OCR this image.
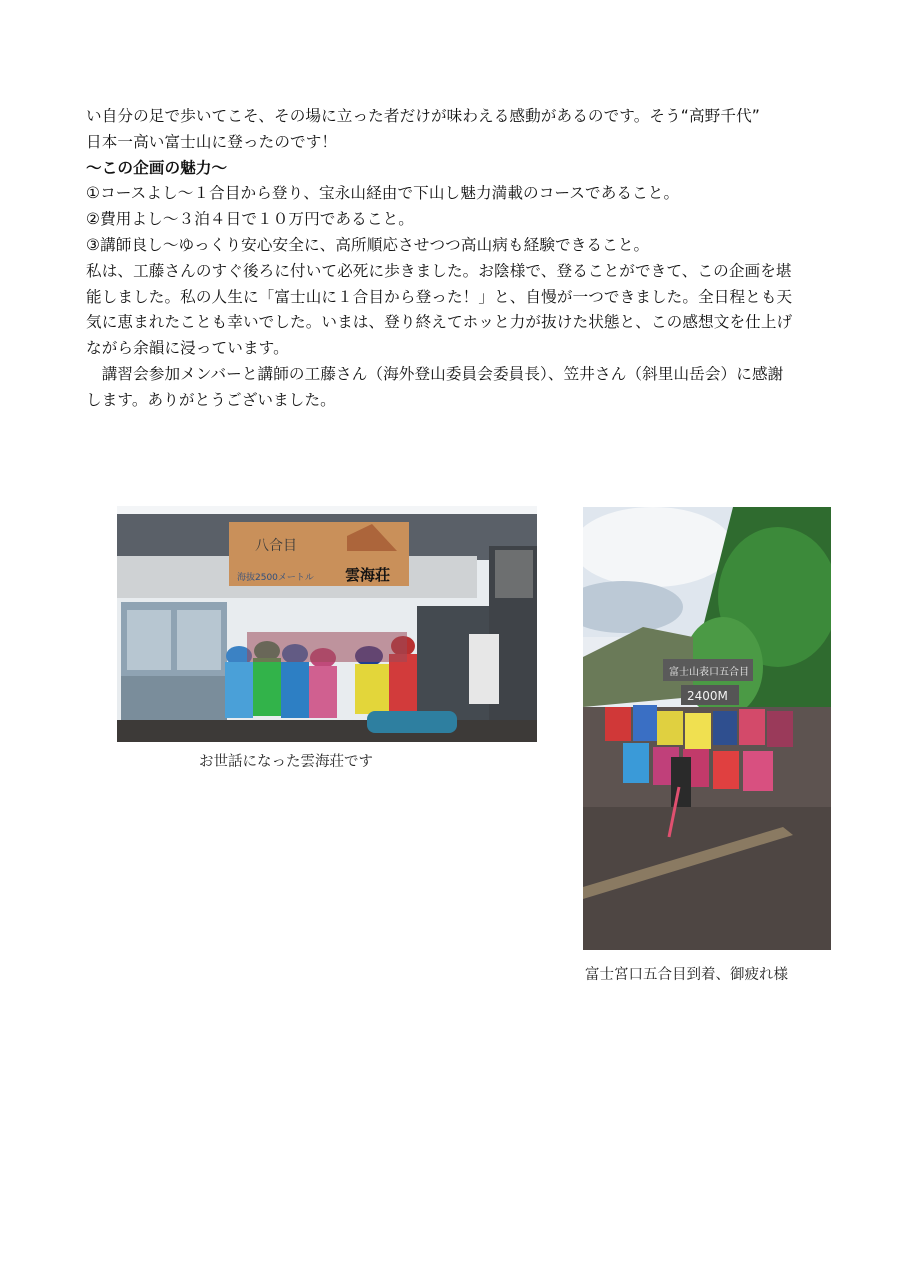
い自分の足で歩いてこそ、その場に立った者だけが味わえる感動があるのです。そう“高野千代”

日本一高い富士山に登ったのです！

〜この企画の魅力〜

①コースよし〜１合目から登り、宝永山経由で下山し魅力満載のコースであること。

②費用よし〜３泊４日で１０万円であること。

③講師良し〜ゆっくり安心安全に、高所順応させつつ高山病も経験できること。

私は、工藤さんのすぐ後ろに付いて必死に歩きました。お陰様で、登ることができて、この企画を堪

能しました。私の人生に「富士山に１合目から登った！」と、自慢が一つできました。全日程とも天

気に恵まれたことも幸いでした。いまは、登り終えてホッと力が抜けた状態と、この感想文を仕上げ

ながら余韻に浸っています。

　講習会参加メンバーと講師の工藤さん（海外登山委員会委員長）、笠井さん（斜里山岳会）に感謝

します。ありがとうございました。

八合目
海抜2500メートル 雲海荘
お世話になった雲海荘です
富士山表口五合目
2400M
富士宮口五合目到着、御疲れ様
